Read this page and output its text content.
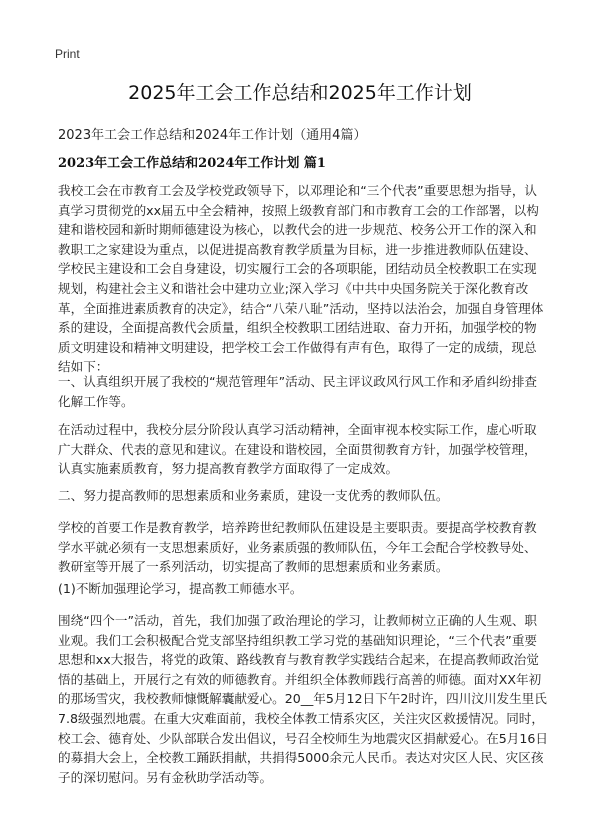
Print
2025年工会工作总结和2025年工作计划
2023年工会工作总结和2024年工作计划（通用4篇）
2023年工会工作总结和2024年工作计划 篇1

我校工会在市教育工会及学校党政领导下，以邓理论和“三个代表”重要思想为指导，认真学习贯彻党的xx届五中全会精神，按照上级教育部门和市教育工会的工作部署，以构建和谐校园和新时期师德建设为核心，以教代会的进一步规范、校务公开工作的深入和教职工之家建设为重点，以促进提高教育教学质量为目标，进一步推进教师队伍建设、学校民主建设和工会自身建设，切实履行工会的各项职能，团结动员全校教职工在实现规划，构建社会主义和谐社会中建功立业;深入学习《中共中央国务院关于深化教育改革，全面推进素质教育的决定》，结合“八荣八耻”活动，坚持以法治会，加强自身管理体系的建设，全面提高教代会质量，组织全校教职工团结进取、奋力开拓，加强学校的物质文明建设和精神文明建设，把学校工会工作做得有声有色，取得了一定的成绩，现总结如下：

一、认真组织开展了我校的“规范管理年”活动、民主评议政风行风工作和矛盾纠纷排查化解工作等。

在活动过程中，我校分层分阶段认真学习活动精神，全面审视本校实际工作，虚心听取广大群众、代表的意见和建议。在建设和谐校园，全面贯彻教育方针，加强学校管理，认真实施素质教育，努力提高教育教学方面取得了一定成效。

二、努力提高教师的思想素质和业务素质，建设一支优秀的教师队伍。

学校的首要工作是教育教学，培养跨世纪教师队伍建设是主要职责。要提高学校教育教学水平就必须有一支思想素质好，业务素质强的教师队伍，今年工会配合学校教导处、教研室等开展了一系列活动，切实提高了教师的思想素质和业务素质。

(1)不断加强理论学习，提高教工师德水平。

围绕“四个一”活动，首先，我们加强了政治理论的学习，让教师树立正确的人生观、职业观。我们工会积极配合党支部坚持组织教工学习党的基础知识理论，“三个代表”重要思想和xx大报告，将党的政策、路线教育与教育教学实践结合起来，在提高教师政治觉悟的基础上，开展行之有效的师德教育。并组织全体教师践行高善的师德。面对XX年初的那场雪灾，我校教师慷慨解囊献爱心。20__年5月12日下午2时许，四川汶川发生里氏7.8级强烈地震。在重大灾难面前，我校全体教工情系灾区，关注灾区救援情况。同时，校工会、德育处、少队部联合发出倡议，号召全校师生为地震灾区捐献爱心。在5月16日的募捐大会上，全校教工踊跃捐献，共捐得5000余元人民币。表达对灾区人民、灾区孩子的深切慰问。另有金秋助学活动等。
